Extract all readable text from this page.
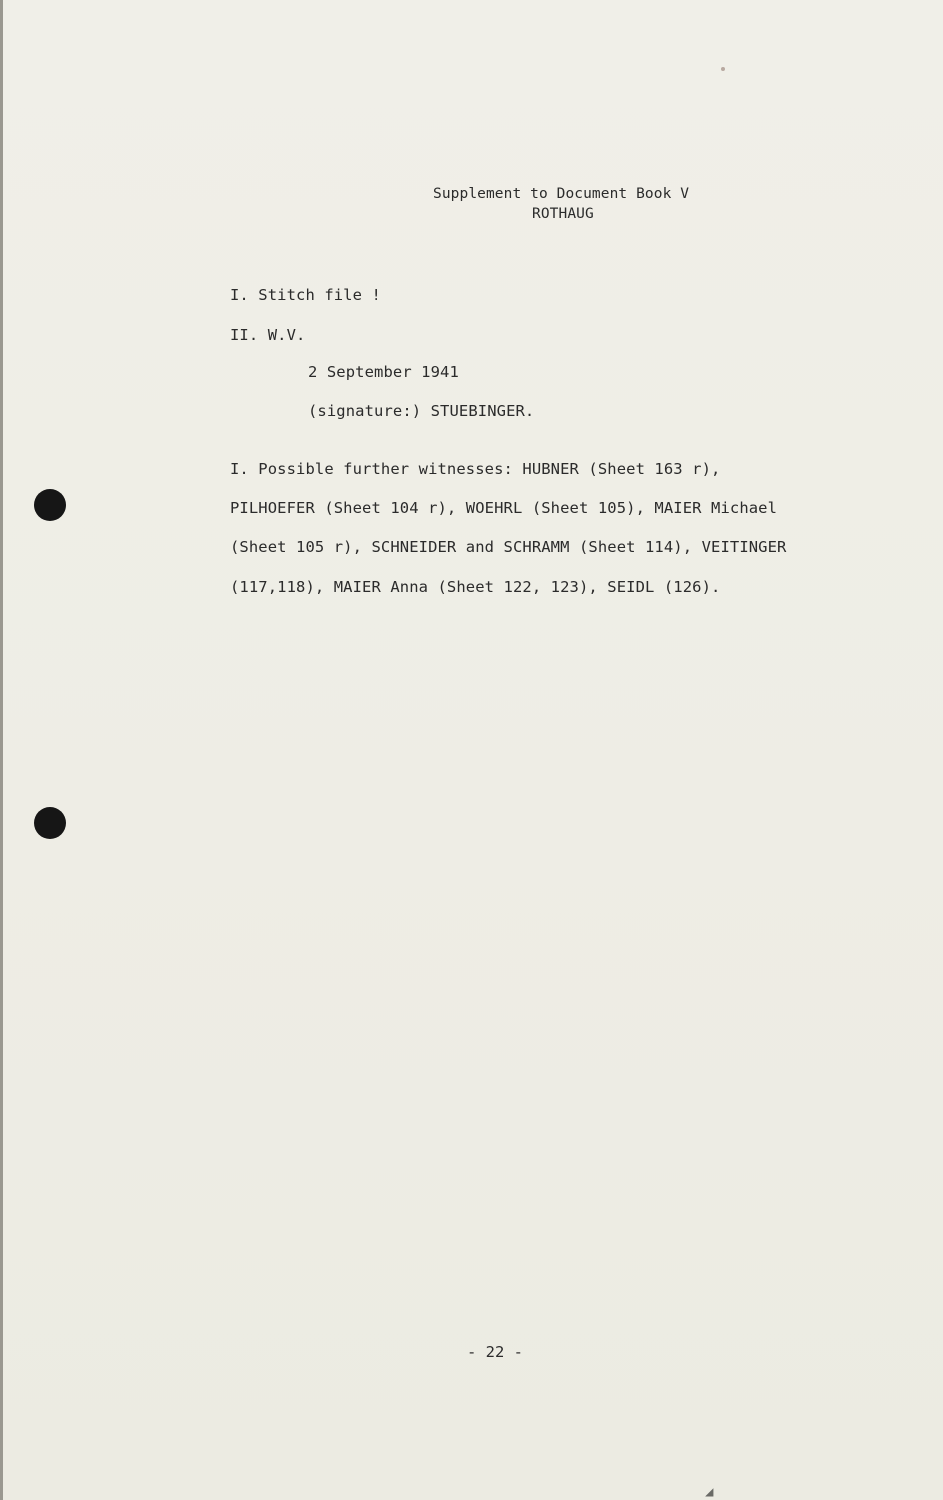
Supplement to Document Book V
ROTHAUG
I. Stitch file !
II. W.V.
2 September 1941
(signature:) STUEBINGER.
I. Possible further witnesses: HUBNER (Sheet 163 r),
PILHOEFER (Sheet 104 r), WOEHRL (Sheet 105), MAIER Michael
(Sheet 105 r), SCHNEIDER and SCHRAMM (Sheet 114), VEITINGER
(117,118), MAIER Anna (Sheet 122, 123), SEIDL (126).
- 22 -
◢
